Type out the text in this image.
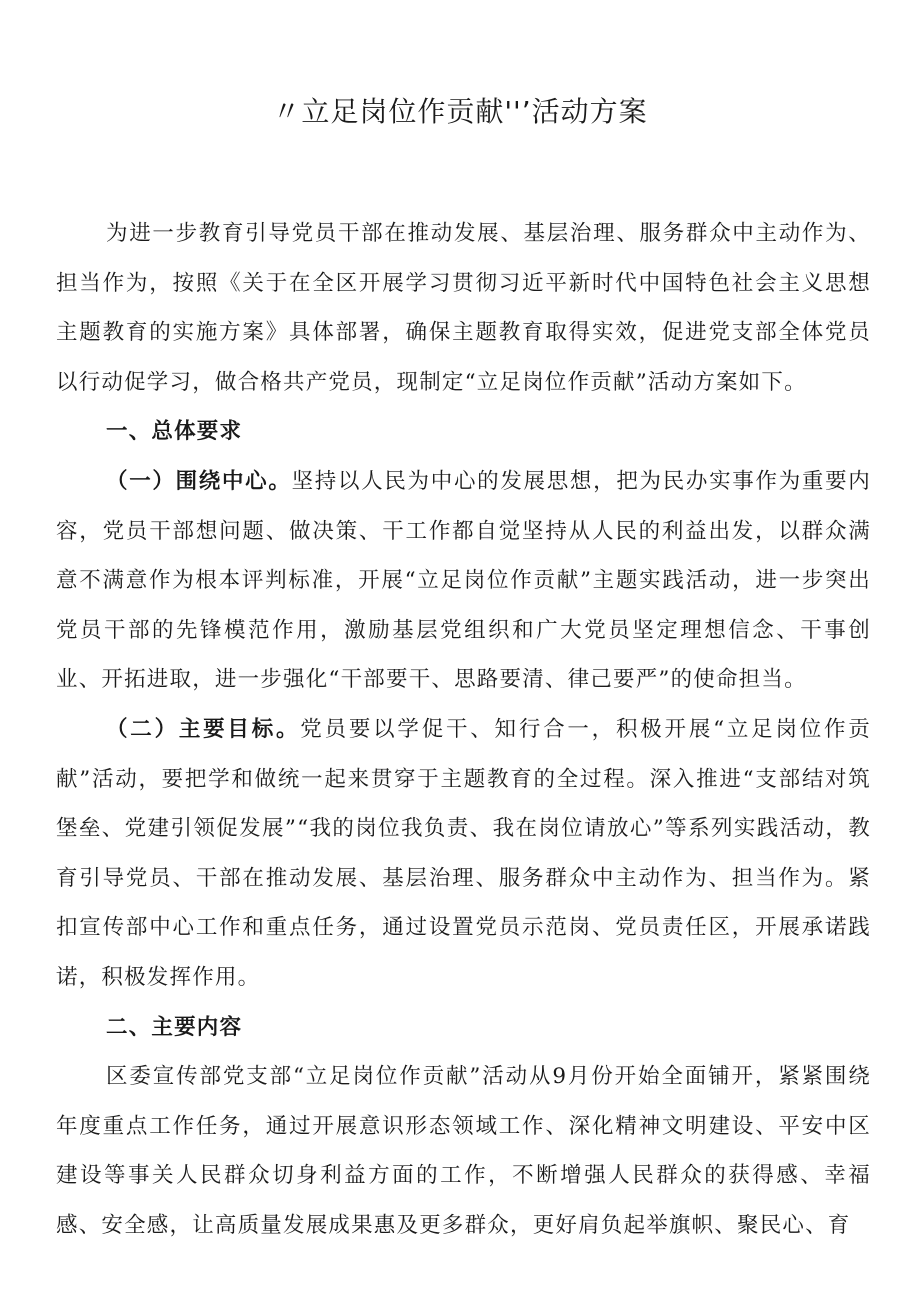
〃立足岗位作贡献''’活动方案

为进一步教育引导党员干部在推动发展、基层治理、服务群众中主动作为、担当作为，按照《关于在全区开展学习贯彻习近平新时代中国特色社会主义思想主题教育的实施方案》具体部署，确保主题教育取得实效，促进党支部全体党员以行动促学习，做合格共产党员，现制定“立足岗位作贡献”活动方案如下。

一、总体要求

（一）围绕中心。坚持以人民为中心的发展思想，把为民办实事作为重要内容，党员干部想问题、做决策、干工作都自觉坚持从人民的利益出发，以群众满意不满意作为根本评判标准，开展“立足岗位作贡献”主题实践活动，进一步突出党员干部的先锋模范作用，激励基层党组织和广大党员坚定理想信念、干事创业、开拓进取，进一步强化“干部要干、思路要清、律己要严”的使命担当。

（二）主要目标。党员要以学促干、知行合一，积极开展“立足岗位作贡献”活动，要把学和做统一起来贯穿于主题教育的全过程。深入推进“支部结对筑堡垒、党建引领促发展”“我的岗位我负责、我在岗位请放心”等系列实践活动，教育引导党员、干部在推动发展、基层治理、服务群众中主动作为、担当作为。紧扣宣传部中心工作和重点任务，通过设置党员示范岗、党员责任区，开展承诺践诺，积极发挥作用。

二、主要内容

区委宣传部党支部“立足岗位作贡献”活动从9月份开始全面铺开，紧紧围绕年度重点工作任务，通过开展意识形态领域工作、深化精神文明建设、平安中区建设等事关人民群众切身利益方面的工作，不断增强人民群众的获得感、幸福感、安全感，让高质量发展成果惠及更多群众，更好肩负起举旗帜、聚民心、育
